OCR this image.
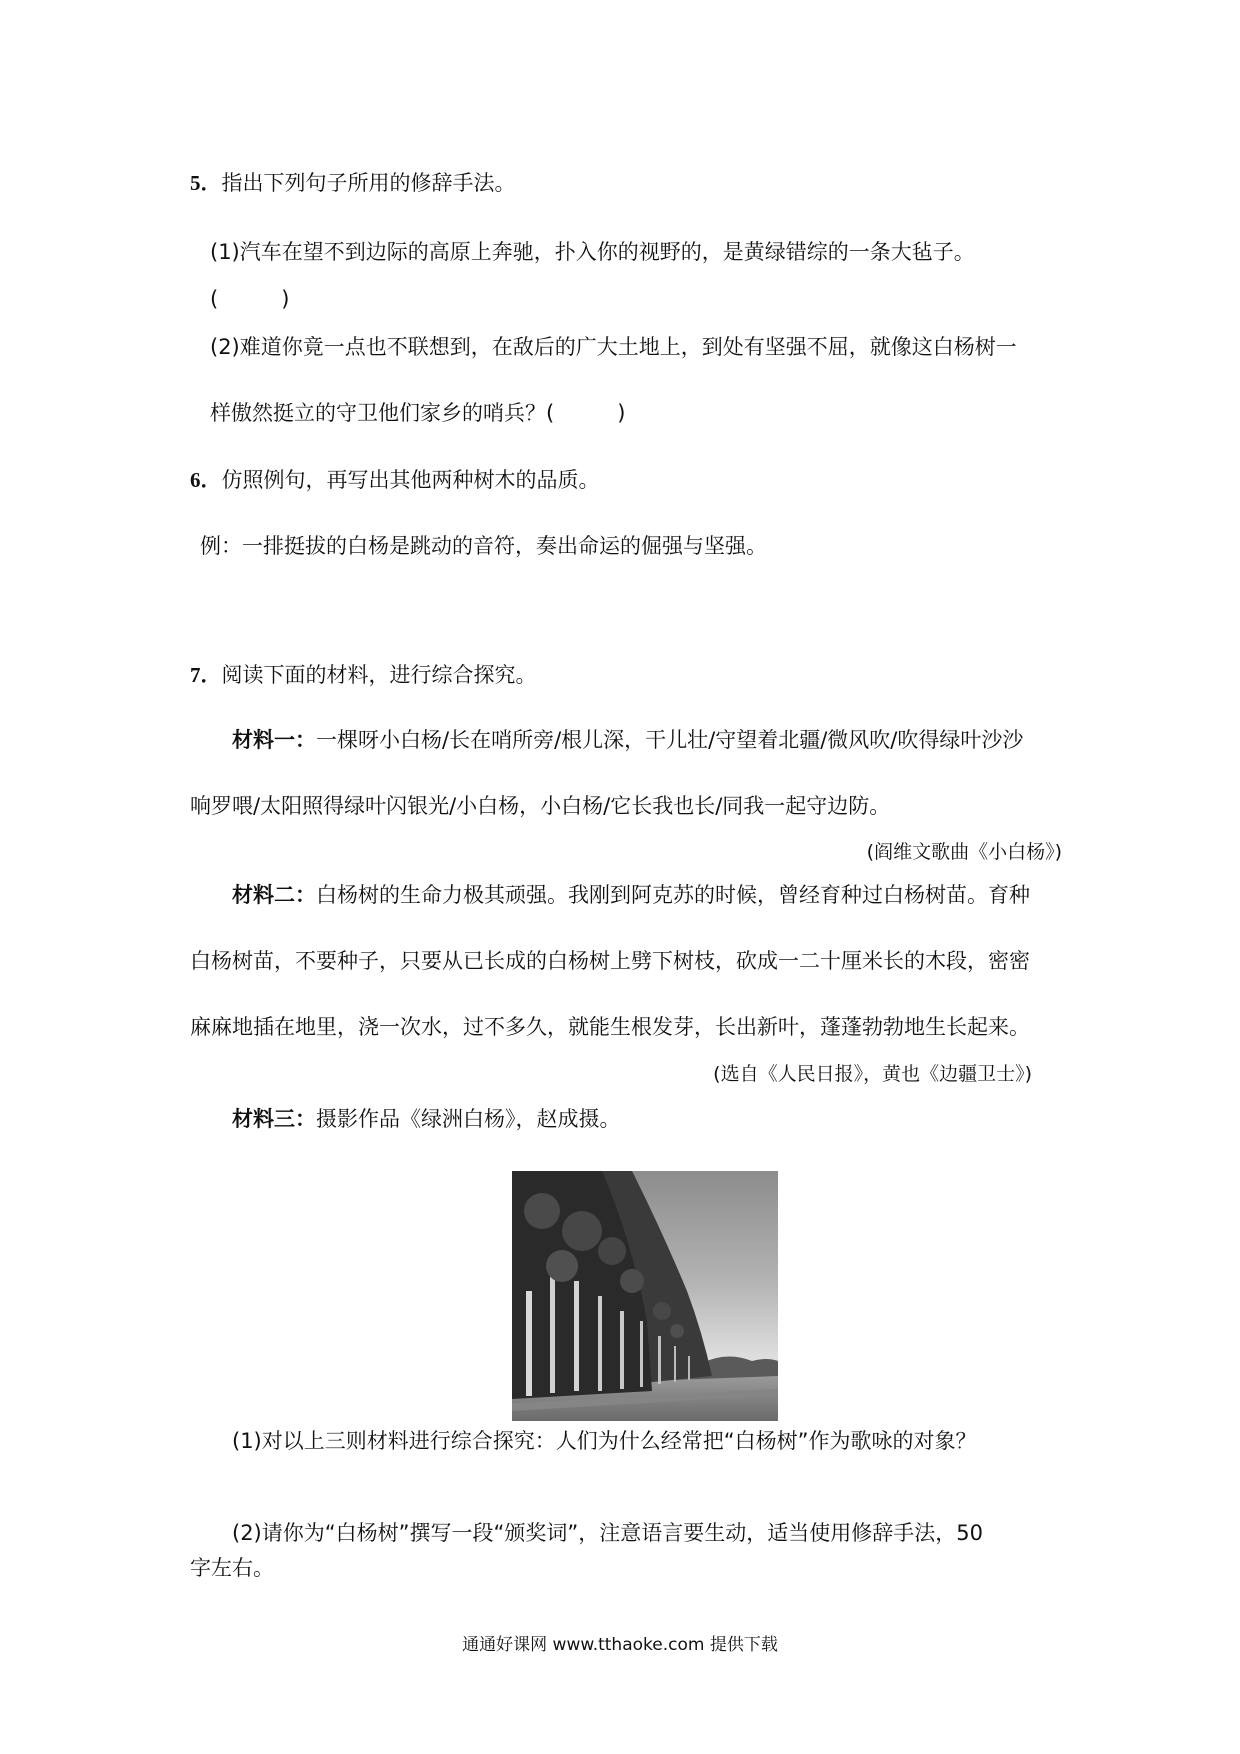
5．指出下列句子所用的修辞手法。
(1)汽车在望不到边际的高原上奔驰，扑入你的视野的，是黄绿错综的一条大毡子。
(　　　)
(2)难道你竟一点也不联想到，在敌后的广大土地上，到处有坚强不屈，就像这白杨树一
样傲然挺立的守卫他们家乡的哨兵？(　　　)
6．仿照例句，再写出其他两种树木的品质。
例：一排挺拔的白杨是跳动的音符，奏出命运的倔强与坚强。
7．阅读下面的材料，进行综合探究。
材料一：一棵呀小白杨/长在哨所旁/根儿深，干儿壮/守望着北疆/微风吹/吹得绿叶沙沙
响罗喂/太阳照得绿叶闪银光/小白杨，小白杨/它长我也长/同我一起守边防。
(阎维文歌曲《小白杨》)
材料二：白杨树的生命力极其顽强。我刚到阿克苏的时候，曾经育种过白杨树苗。育种
白杨树苗，不要种子，只要从已长成的白杨树上劈下树枝，砍成一二十厘米长的木段，密密
麻麻地插在地里，浇一次水，过不多久，就能生根发芽，长出新叶，蓬蓬勃勃地生长起来。
(选自《人民日报》，黄也《边疆卫士》)
材料三：摄影作品《绿洲白杨》，赵成摄。
(1)对以上三则材料进行综合探究：人们为什么经常把“白杨树”作为歌咏的对象？
(2)请你为“白杨树”撰写一段“颁奖词”，注意语言要生动，适当使用修辞手法，50
字左右。
通通好课网 www.tthaoke.com 提供下载
